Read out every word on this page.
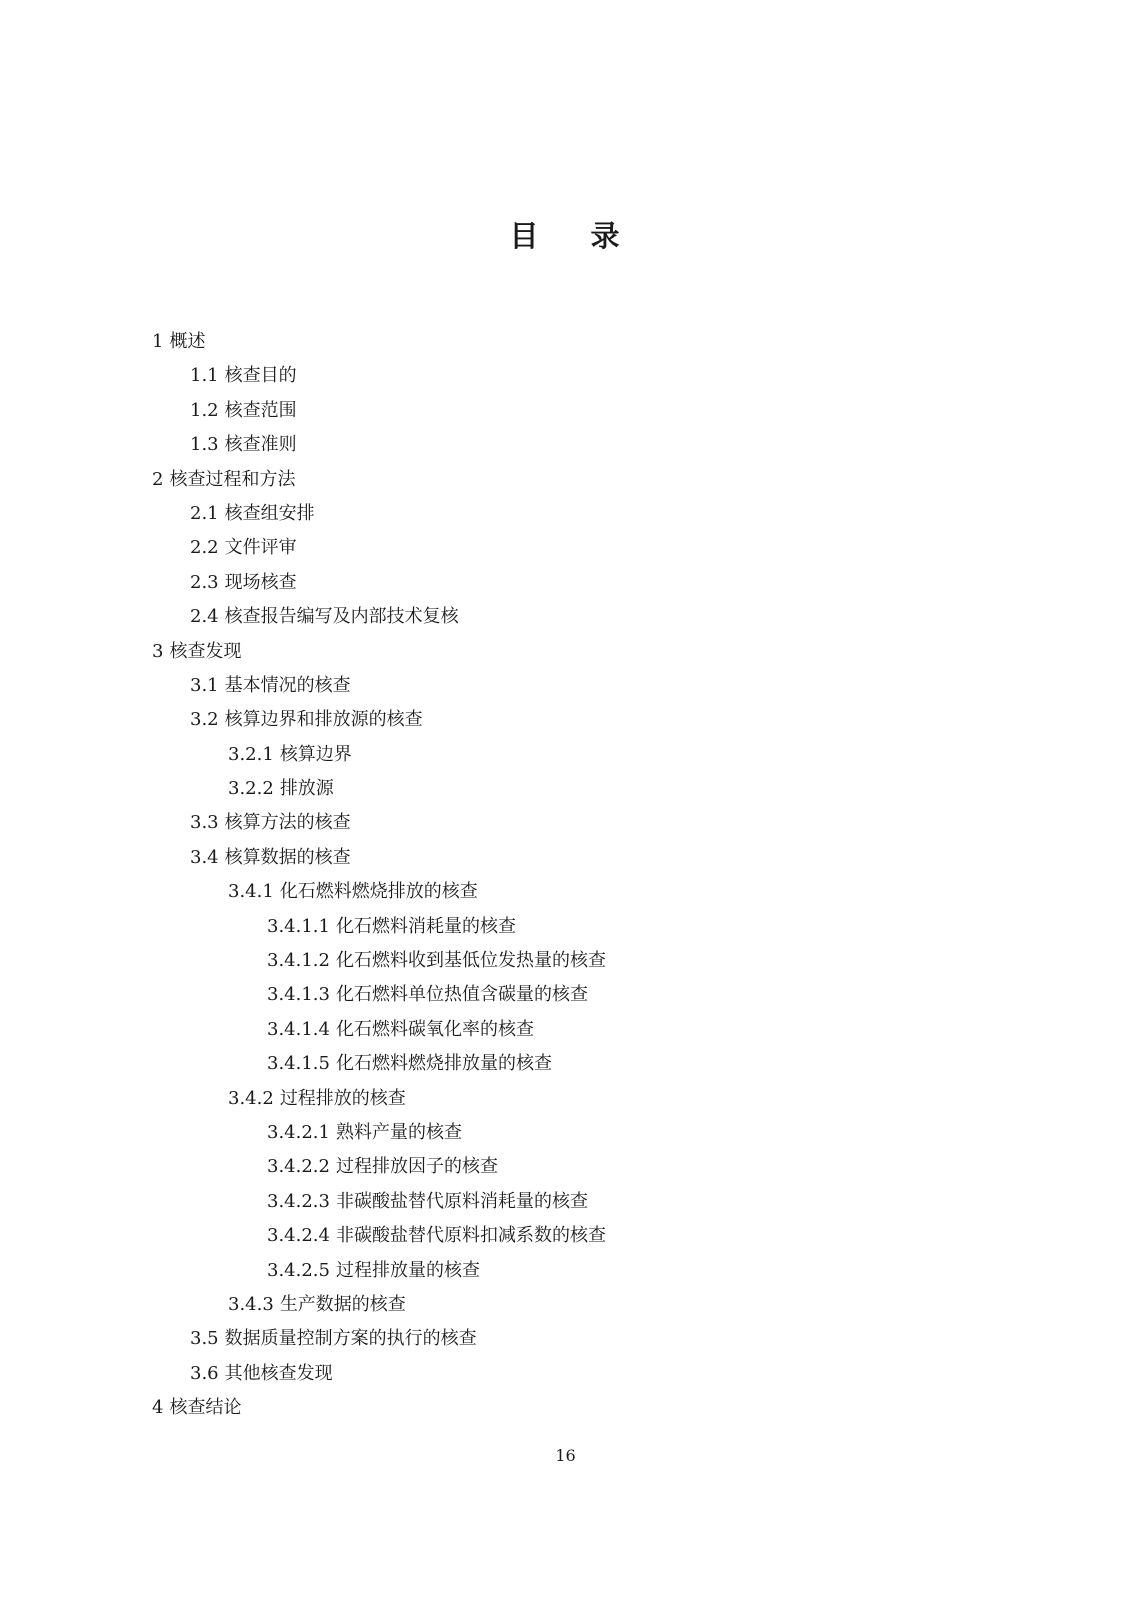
目 录
1 概述
1.1 核查目的
1.2 核查范围
1.3 核查准则
2 核查过程和方法
2.1 核查组安排
2.2 文件评审
2.3 现场核查
2.4 核查报告编写及内部技术复核
3 核查发现
3.1 基本情况的核查
3.2 核算边界和排放源的核查
3.2.1 核算边界
3.2.2 排放源
3.3 核算方法的核查
3.4 核算数据的核查
3.4.1 化石燃料燃烧排放的核查
3.4.1.1 化石燃料消耗量的核查
3.4.1.2 化石燃料收到基低位发热量的核查
3.4.1.3 化石燃料单位热值含碳量的核查
3.4.1.4 化石燃料碳氧化率的核查
3.4.1.5 化石燃料燃烧排放量的核查
3.4.2 过程排放的核查
3.4.2.1 熟料产量的核查
3.4.2.2 过程排放因子的核查
3.4.2.3 非碳酸盐替代原料消耗量的核查
3.4.2.4 非碳酸盐替代原料扣减系数的核查
3.4.2.5 过程排放量的核查
3.4.3 生产数据的核查
3.5 数据质量控制方案的执行的核查
3.6 其他核查发现
4 核查结论
16
